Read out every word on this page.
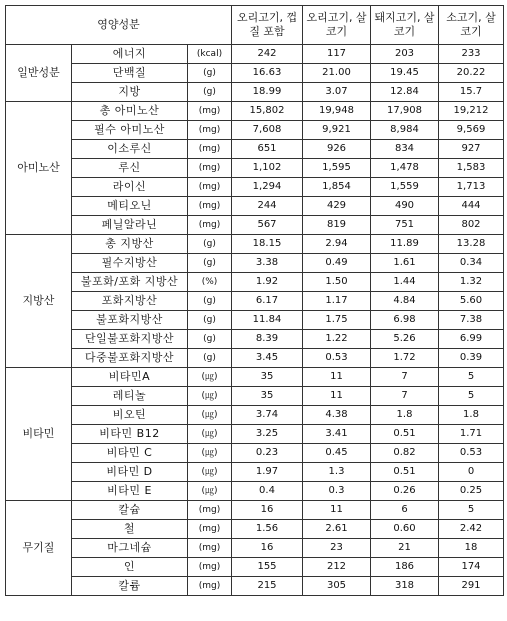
영양성분			오리고기, 껍질 포함	오리고기, 살코기	돼지고기, 살코기	소고기, 살코기
일반성분	에너지	(kcal)	242	117	203	233
	단백질	(g)	16.63	21.00	19.45	20.22
	지방	(g)	18.99	3.07	12.84	15.7
아미노산	총 아미노산	(mg)	15,802	19,948	17,908	19,212
	필수 아미노산	(mg)	7,608	9,921	8,984	9,569
	이소루신	(mg)	651	926	834	927
	루신	(mg)	1,102	1,595	1,478	1,583
	라이신	(mg)	1,294	1,854	1,559	1,713
	메티오닌	(mg)	244	429	490	444
	페닐알라닌	(mg)	567	819	751	802
지방산	총 지방산	(g)	18.15	2.94	11.89	13.28
	필수지방산	(g)	3.38	0.49	1.61	0.34
	불포화/포화 지방산	(%)	1.92	1.50	1.44	1.32
	포화지방산	(g)	6.17	1.17	4.84	5.60
	불포화지방산	(g)	11.84	1.75	6.98	7.38
	단일불포화지방산	(g)	8.39	1.22	5.26	6.99
	다중불포화지방산	(g)	3.45	0.53	1.72	0.39
비타민	비타민A	(㎍)	35	11	7	5
	레티놀	(㎍)	35	11	7	5
	비오틴	(㎍)	3.74	4.38	1.8	1.8
	비타민 B12	(㎍)	3.25	3.41	0.51	1.71
	비타민 C	(㎍)	0.23	0.45	0.82	0.53
	비타민 D	(㎍)	1.97	1.3	0.51	0
	비타민 E	(㎍)	0.4	0.3	0.26	0.25
무기질	칼슘	(mg)	16	11	6	5
	철	(mg)	1.56	2.61	0.60	2.42
	마그네슘	(mg)	16	23	21	18
	인	(mg)	155	212	186	174
	칼륨	(mg)	215	305	318	291
